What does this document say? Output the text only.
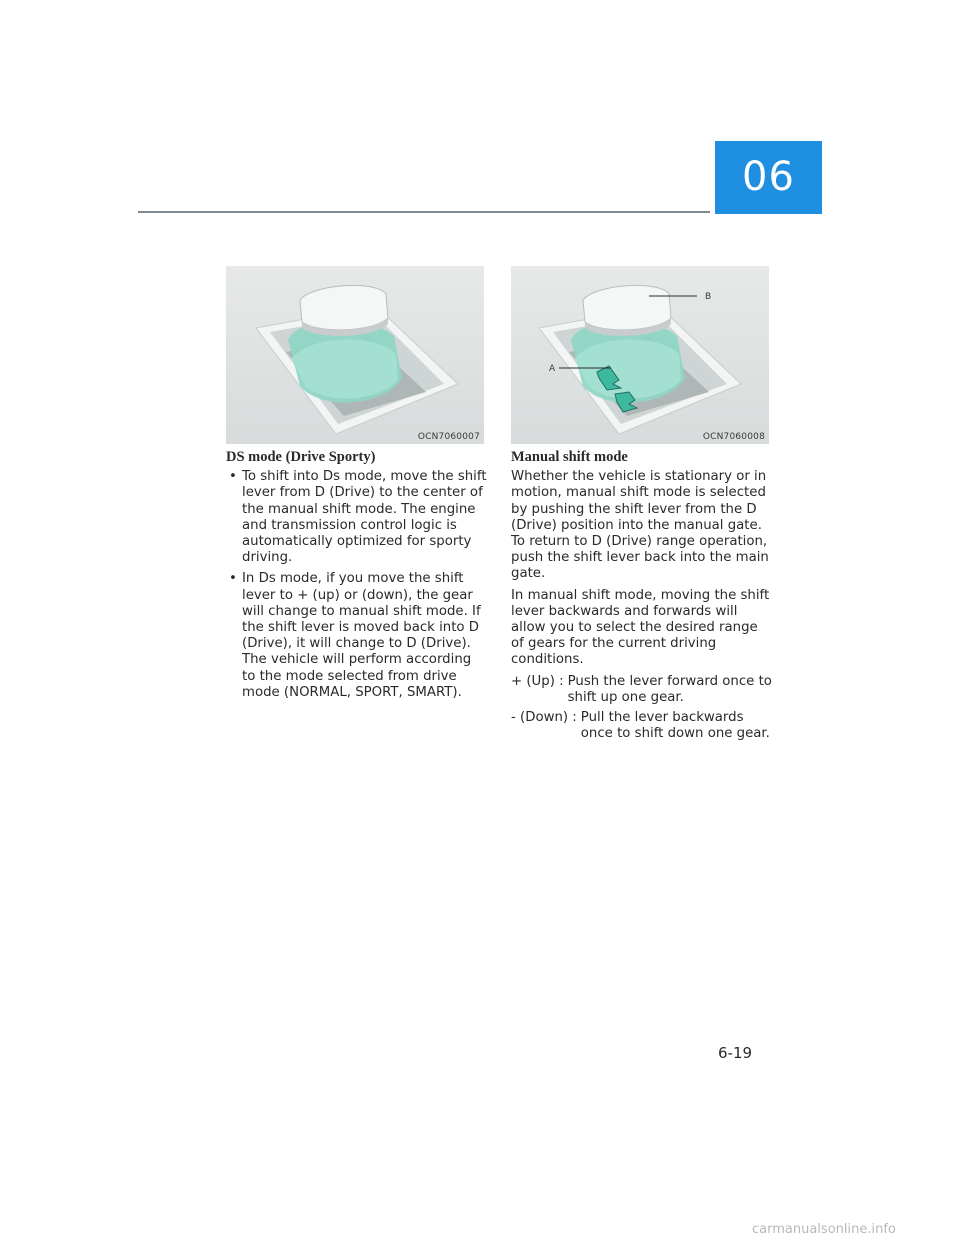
06
OCN7060007
B
A
OCN7060008
DS mode (Drive Sporty)
• To shift into Ds mode, move the shift lever from D (Drive) to the center of the manual shift mode. The engine and transmission control logic is automatically optimized for sporty driving.
• In Ds mode, if you move the shift lever to + (up) or (down), the gear will change to manual shift mode. If the shift lever is moved back into D (Drive), it will change to D (Drive). The vehicle will perform according to the mode selected from drive mode (NORMAL, SPORT, SMART).
Manual shift mode

Whether the vehicle is stationary or in motion, manual shift mode is selected by pushing the shift lever from the D (Drive) position into the manual gate. To return to D (Drive) range operation, push the shift lever back into the main gate.

In manual shift mode, moving the shift lever backwards and forwards will allow you to select the desired range of gears for the current driving conditions.

+ (Up) : Push the lever forward once to shift up one gear.
- (Down) : Pull the lever backwards once to shift down one gear.
6-19
carmanualsonline.info
